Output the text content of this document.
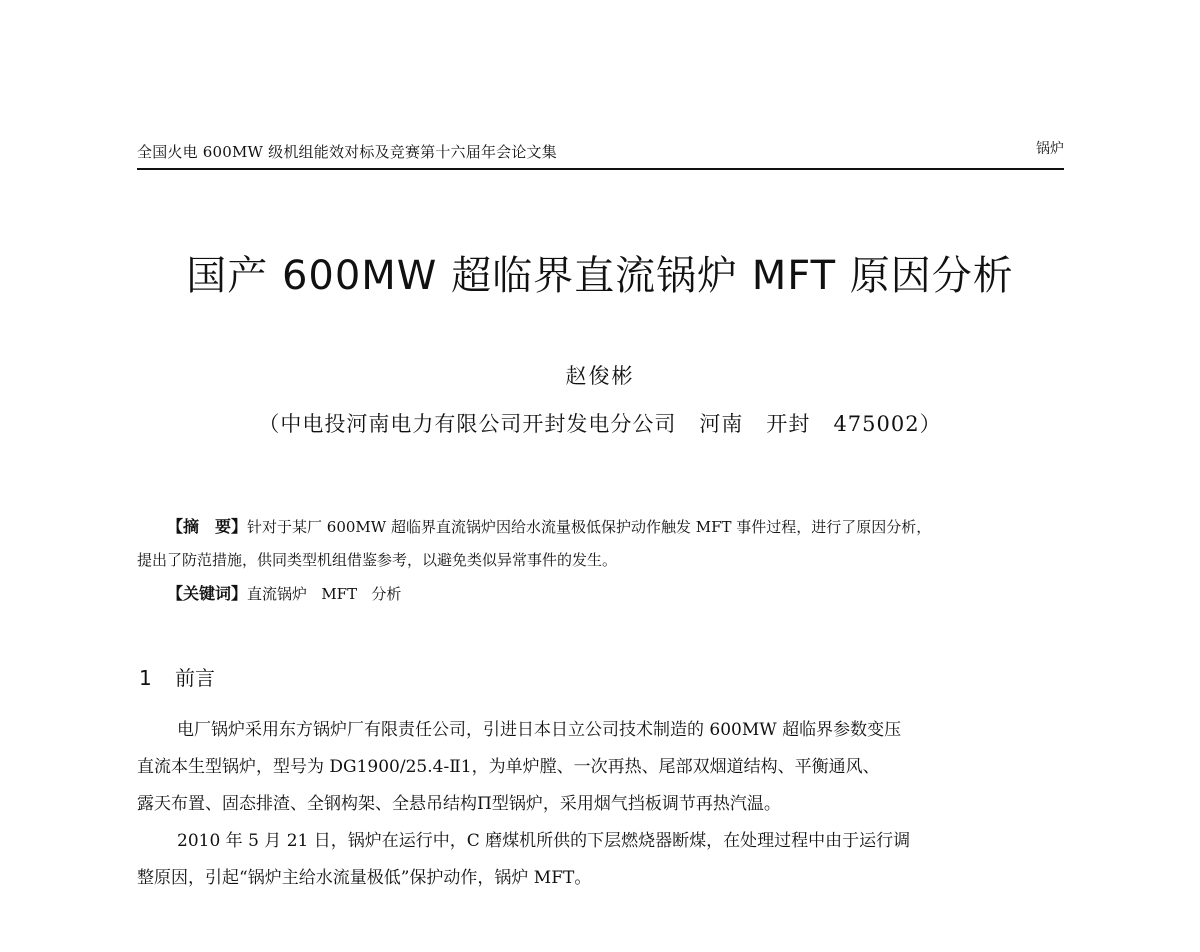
全国火电 600MW 级机组能效对标及竞赛第十六届年会论文集	锅炉
国产 600MW 超临界直流锅炉 MFT 原因分析
赵俊彬
（中电投河南电力有限公司开封发电分公司   河南   开封   475002）
【摘　要】针对于某厂 600MW 超临界直流锅炉因给水流量极低保护动作触发 MFT 事件过程，进行了原因分析，
提出了防范措施，供同类型机组借鉴参考，以避免类似异常事件的发生。
【关键词】直流锅炉   MFT   分析
1 前言
电厂锅炉采用东方锅炉厂有限责任公司，引进日本日立公司技术制造的 600MW 超临界参数变压
直流本生型锅炉，型号为 DG1900/25.4-Ⅱ1，为单炉膛、一次再热、尾部双烟道结构、平衡通风、
露天布置、固态排渣、全钢构架、全悬吊结构Π型锅炉，采用烟气挡板调节再热汽温。
2010 年 5 月 21 日，锅炉在运行中，C 磨煤机所供的下层燃烧器断煤，在处理过程中由于运行调
整原因，引起“锅炉主给水流量极低”保护动作，锅炉 MFT。
